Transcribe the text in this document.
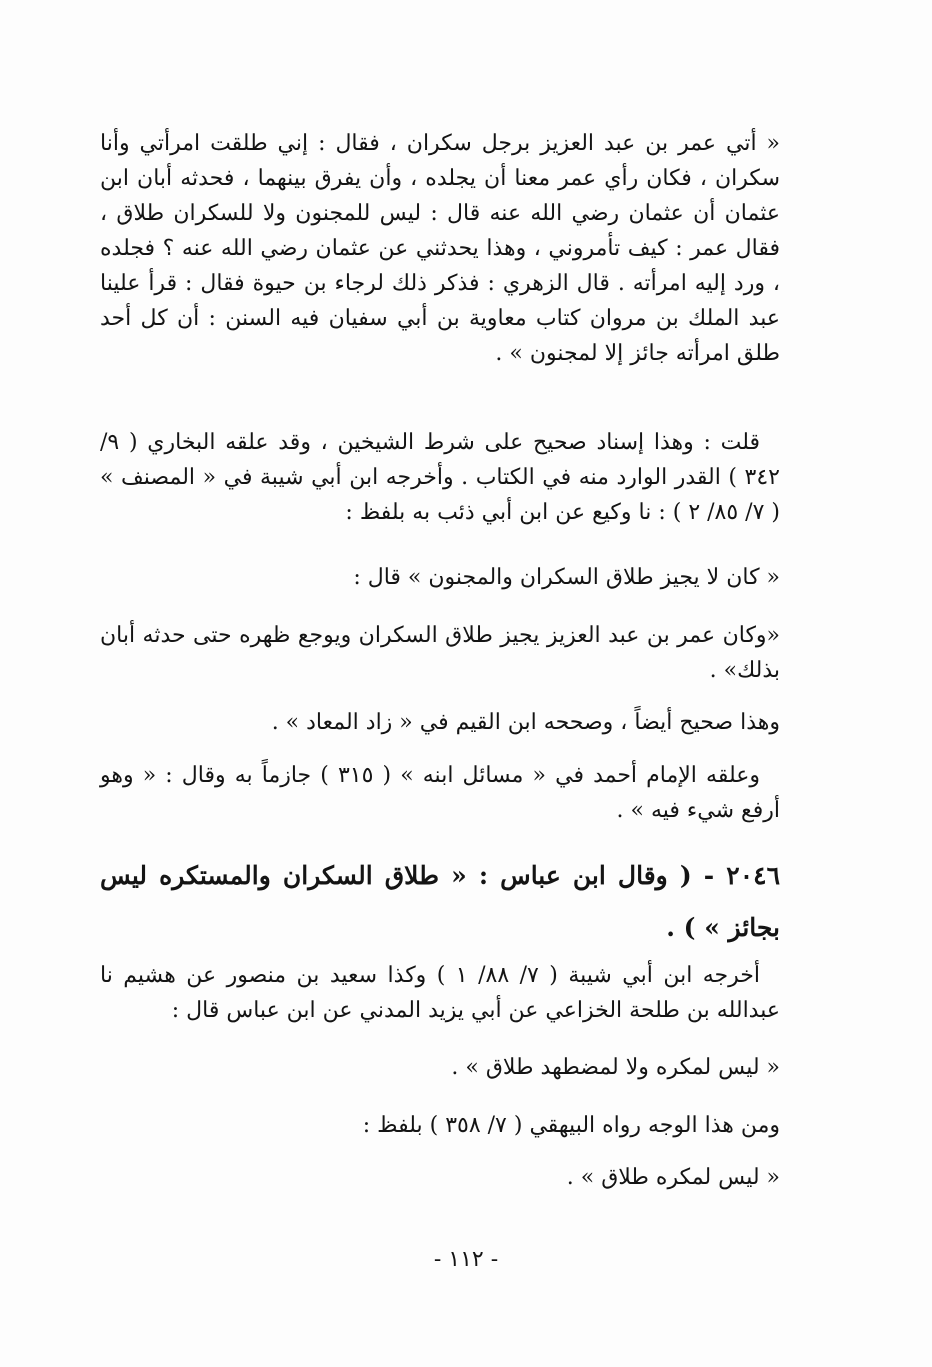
« أتي عمر بن عبد العزيز برجل سكران ، فقال : إني طلقت امرأتي وأنا سكران ، فكان رأي عمر معنا أن يجلده ، وأن يفرق بينهما ، فحدثه أبان ابن عثمان أن عثمان رضي الله عنه قال : ليس للمجنون ولا للسكران طلاق ، فقال عمر : كيف تأمروني ، وهذا يحدثني عن عثمان رضي الله عنه ؟ فجلده ، ورد إليه امرأته . قال الزهري : فذكر ذلك لرجاء بن حيوة فقال : قرأ علينا عبد الملك بن مروان كتاب معاوية بن أبي سفيان فيه السنن : أن كل أحد طلق امرأته جائز إلا لمجنون » .

قلت : وهذا إسناد صحيح على شرط الشيخين ، وقد علقه البخاري ( ٩/ ٣٤٢ ) القدر الوارد منه في الكتاب . وأخرجه ابن أبي شيبة في « المصنف » ( ٧/ ٨٥/ ٢ ) : نا وكيع عن ابن أبي ذئب به بلفظ :

« كان لا يجيز طلاق السكران والمجنون » قال :

«وكان عمر بن عبد العزيز يجيز طلاق السكران ويوجع ظهره حتى حدثه أبان بذلك» .

وهذا صحيح أيضاً ، وصححه ابن القيم في « زاد المعاد » .

وعلقه الإمام أحمد في « مسائل ابنه » ( ٣١٥ ) جازماً به وقال : « وهو أرفع شيء فيه » .

٢٠٤٦ - ( وقال ابن عباس : « طلاق السكران والمستكره ليس بجائز » ) .

أخرجه ابن أبي شيبة ( ٧/ ٨٨/ ١ ) وكذا سعيد بن منصور عن هشيم نا عبدالله بن طلحة الخزاعي عن أبي يزيد المدني عن ابن عباس قال :

« ليس لمكره ولا لمضطهد طلاق » .

ومن هذا الوجه رواه البيهقي ( ٧/ ٣٥٨ ) بلفظ :

« ليس لمكره طلاق » .

- ١١٢ -
